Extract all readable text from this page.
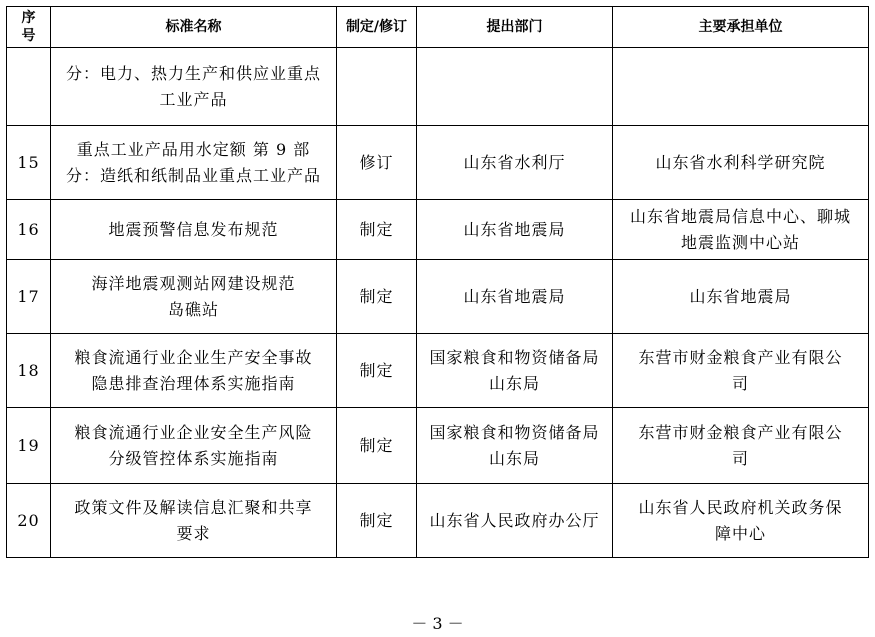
序号	标准名称	制定/修订	提出部门	主要承担单位

	分：电力、热力生产和供应业重点
工业产品			

15	重点工业产品用水定额 第 9 部
分：造纸和纸制品业重点工业产品	修订	山东省水利厅	山东省水利科学研究院

16	地震预警信息发布规范	制定	山东省地震局	山东省地震局信息中心、聊城
地震监测中心站

17	海洋地震观测站网建设规范
岛礁站	制定	山东省地震局	山东省地震局

18	粮食流通行业企业生产安全事故
隐患排查治理体系实施指南	制定	国家粮食和物资储备局
山东局	东营市财金粮食产业有限公
司

19	粮食流通行业企业安全生产风险
分级管控体系实施指南	制定	国家粮食和物资储备局
山东局	东营市财金粮食产业有限公
司

20	政策文件及解读信息汇聚和共享
要求	制定	山东省人民政府办公厅	山东省人民政府机关政务保
障中心
－ 3 －
